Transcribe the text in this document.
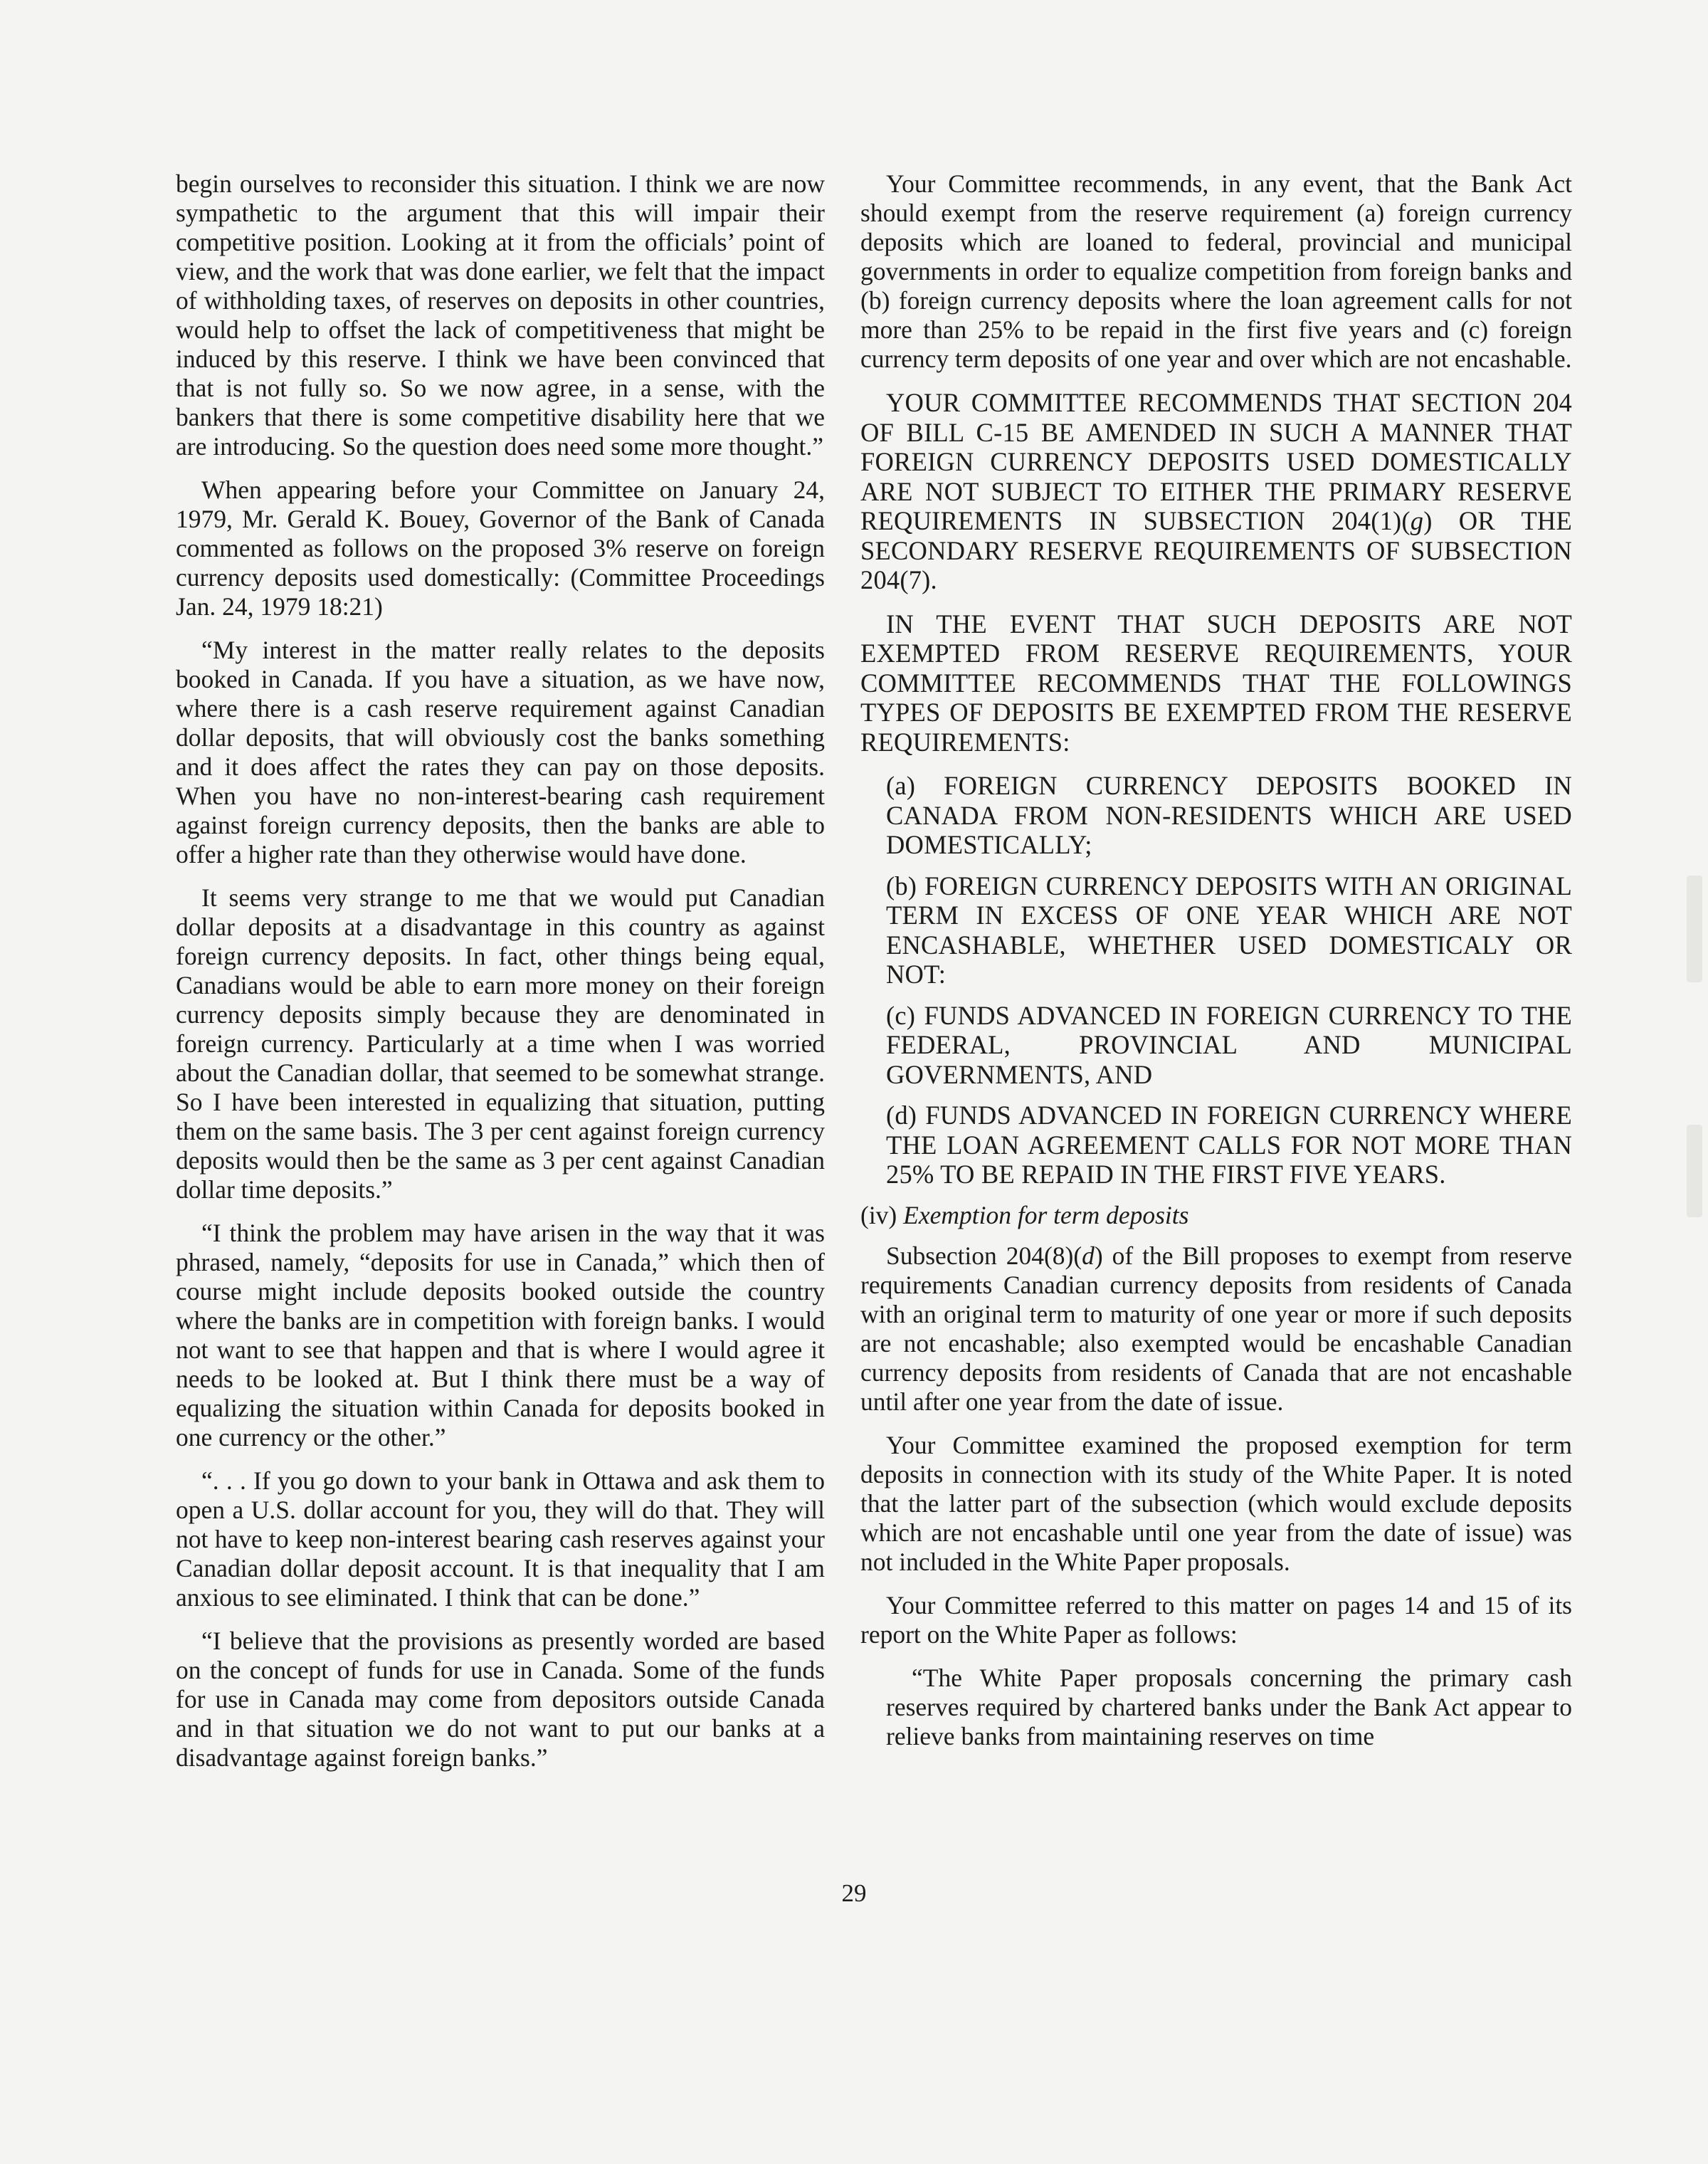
begin ourselves to reconsider this situation. I think we are now sympathetic to the argument that this will impair their competitive position. Looking at it from the officials’ point of view, and the work that was done earlier, we felt that the impact of withholding taxes, of reserves on deposits in other countries, would help to offset the lack of competitiveness that might be induced by this reserve. I think we have been convinced that that is not fully so. So we now agree, in a sense, with the bankers that there is some competitive disability here that we are introducing. So the question does need some more thought.”

When appearing before your Committee on January 24, 1979, Mr. Gerald K. Bouey, Governor of the Bank of Canada commented as follows on the proposed 3% reserve on foreign currency deposits used domestically: (Committee Proceedings Jan. 24, 1979 18:21)

“My interest in the matter really relates to the deposits booked in Canada. If you have a situation, as we have now, where there is a cash reserve requirement against Canadian dollar deposits, that will obviously cost the banks something and it does affect the rates they can pay on those deposits. When you have no non-interest-bearing cash requirement against foreign currency deposits, then the banks are able to offer a higher rate than they otherwise would have done.

It seems very strange to me that we would put Canadian dollar deposits at a disadvantage in this country as against foreign currency deposits. In fact, other things being equal, Canadians would be able to earn more money on their foreign currency deposits simply because they are denominated in foreign currency. Particularly at a time when I was worried about the Canadian dollar, that seemed to be somewhat strange. So I have been interested in equalizing that situation, putting them on the same basis. The 3 per cent against foreign currency deposits would then be the same as 3 per cent against Canadian dollar time deposits.”

“I think the problem may have arisen in the way that it was phrased, namely, “deposits for use in Canada,” which then of course might include deposits booked outside the country where the banks are in competition with foreign banks. I would not want to see that happen and that is where I would agree it needs to be looked at. But I think there must be a way of equalizing the situation within Canada for deposits booked in one currency or the other.”

“. . . If you go down to your bank in Ottawa and ask them to open a U.S. dollar account for you, they will do that. They will not have to keep non-interest bearing cash reserves against your Canadian dollar deposit account. It is that inequality that I am anxious to see eliminated. I think that can be done.”

“I believe that the provisions as presently worded are based on the concept of funds for use in Canada. Some of the funds for use in Canada may come from depositors outside Canada and in that situation we do not want to put our banks at a disadvantage against foreign banks.”

Your Committee recommends, in any event, that the Bank Act should exempt from the reserve requirement (a) foreign currency deposits which are loaned to federal, provincial and municipal governments in order to equalize competition from foreign banks and (b) foreign currency deposits where the loan agreement calls for not more than 25% to be repaid in the first five years and (c) foreign currency term deposits of one year and over which are not encashable.

YOUR COMMITTEE RECOMMENDS THAT SECTION 204 OF BILL C-15 BE AMENDED IN SUCH A MANNER THAT FOREIGN CURRENCY DEPOSITS USED DOMESTICALLY ARE NOT SUBJECT TO EITHER THE PRIMARY RESERVE REQUIREMENTS IN SUBSECTION 204(1)(g) OR THE SECONDARY RESERVE REQUIREMENTS OF SUBSECTION 204(7).

IN THE EVENT THAT SUCH DEPOSITS ARE NOT EXEMPTED FROM RESERVE REQUIREMENTS, YOUR COMMITTEE RECOMMENDS THAT THE FOLLOWINGS TYPES OF DEPOSITS BE EXEMPTED FROM THE RESERVE REQUIREMENTS:

(a) FOREIGN CURRENCY DEPOSITS BOOKED IN CANADA FROM NON-RESIDENTS WHICH ARE USED DOMESTICALLY;

(b) FOREIGN CURRENCY DEPOSITS WITH AN ORIGINAL TERM IN EXCESS OF ONE YEAR WHICH ARE NOT ENCASHABLE, WHETHER USED DOMESTICALY OR NOT:

(c) FUNDS ADVANCED IN FOREIGN CURRENCY TO THE FEDERAL, PROVINCIAL AND MUNICIPAL GOVERNMENTS, AND

(d) FUNDS ADVANCED IN FOREIGN CURRENCY WHERE THE LOAN AGREEMENT CALLS FOR NOT MORE THAN 25% TO BE REPAID IN THE FIRST FIVE YEARS.

(iv) Exemption for term deposits

Subsection 204(8)(d) of the Bill proposes to exempt from reserve requirements Canadian currency deposits from residents of Canada with an original term to maturity of one year or more if such deposits are not encashable; also exempted would be encashable Canadian currency deposits from residents of Canada that are not encashable until after one year from the date of issue.

Your Committee examined the proposed exemption for term deposits in connection with its study of the White Paper. It is noted that the latter part of the subsection (which would exclude deposits which are not encashable until one year from the date of issue) was not included in the White Paper proposals.

Your Committee referred to this matter on pages 14 and 15 of its report on the White Paper as follows:

“The White Paper proposals concerning the primary cash reserves required by chartered banks under the Bank Act appear to relieve banks from maintaining reserves on time

29
